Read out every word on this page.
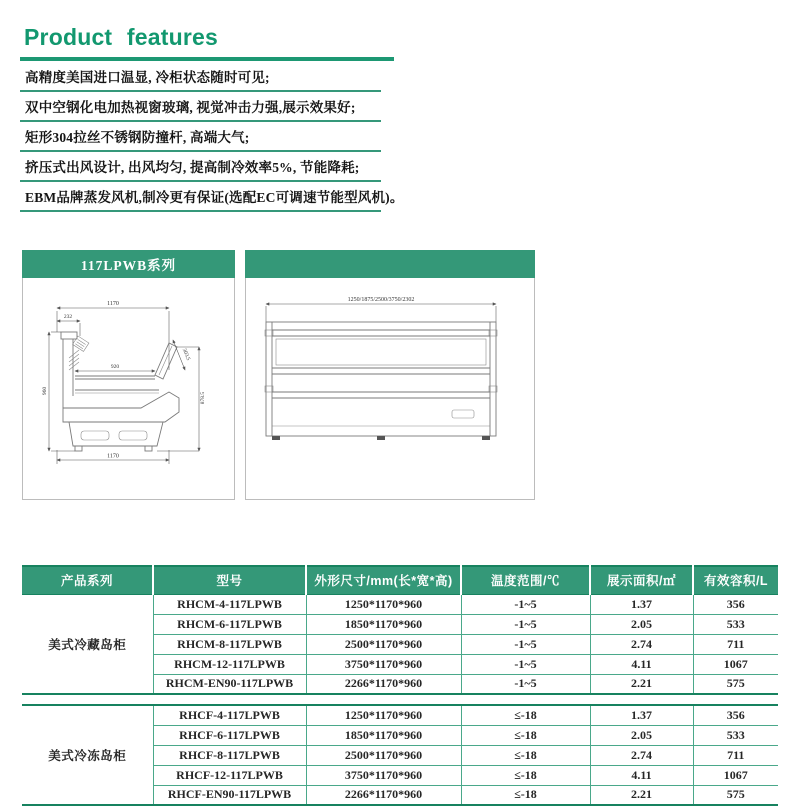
Product features
高精度美国进口温显, 冷柜状态随时可见;
双中空钢化电加热视窗玻璃, 视觉冲击力强,展示效果好;
矩形304拉丝不锈钢防撞杆, 高端大气;
挤压式出风设计, 出风均匀, 提高制冷效率5%, 节能降耗;
EBM品牌蒸发风机,制冷更有保证(选配EC可调速节能型风机)。
117LPWB系列
1170
232
920
303.5
960
878.5
1170
1250/1875/2500/3750/2302
产品系列	型号	外形尺寸/mm(长*宽*高)	温度范围/℃	展示面积/㎡	有效容积/L
美式冷藏岛柜	RHCM-4-117LPWB	1250*1170*960	-1~5	1.37	356
	RHCM-6-117LPWB	1850*1170*960	-1~5	2.05	533
	RHCM-8-117LPWB	2500*1170*960	-1~5	2.74	711
	RHCM-12-117LPWB	3750*1170*960	-1~5	4.11	1067
	RHCM-EN90-117LPWB	2266*1170*960	-1~5	2.21	575
美式冷冻岛柜	RHCF-4-117LPWB	1250*1170*960	≤-18	1.37	356
	RHCF-6-117LPWB	1850*1170*960	≤-18	2.05	533
	RHCF-8-117LPWB	2500*1170*960	≤-18	2.74	711
	RHCF-12-117LPWB	3750*1170*960	≤-18	4.11	1067
	RHCF-EN90-117LPWB	2266*1170*960	≤-18	2.21	575
